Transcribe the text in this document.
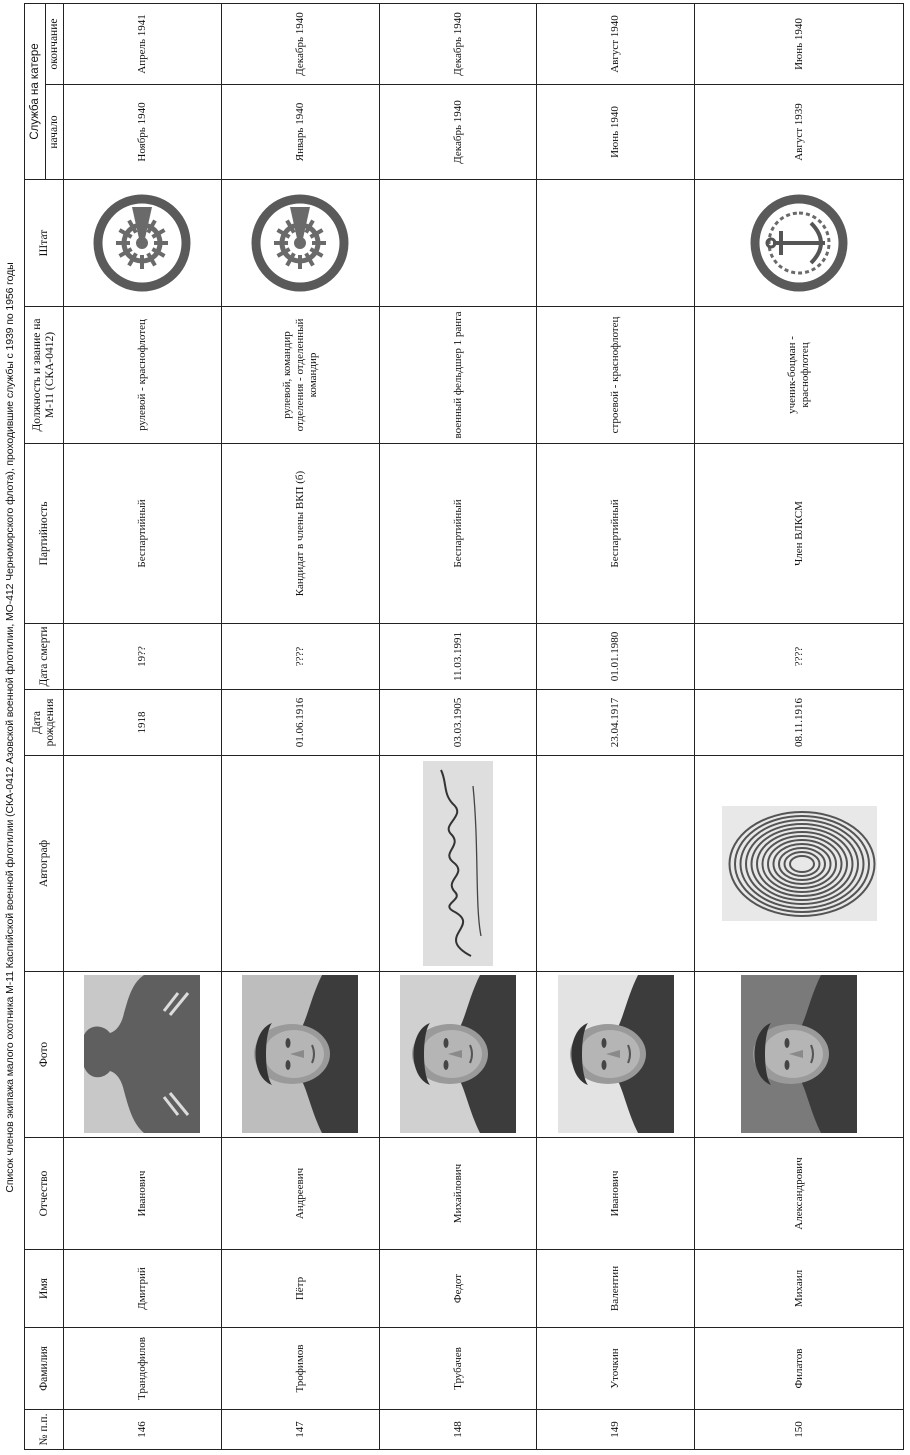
Список членов экипажа малого охотника М-11 Каспийской военной флотилии (СКА-0412 Азовской военной флотилии, МО-412 Черноморского флота), проходившие службы с 1939 по 1956 годы
№ п.п.	Фамилия	Имя	Отчество	Фото	Автограф	Дата рождения	Дата смерти	Партийность	Должность и звание на М-11 (СКА-0412)	Штат	Служба на катере	
											начало	окончание
146	Трандофилов	Дмитрий	Иванович			1918	19??	Беспартийный	рулевой - краснофлотец		Ноябрь 1940	Апрель 1941
147	Трофимов	Пётр	Андреевич			01.06.1916	????	Кандидат в члены ВКП (б)	рулевой, командир отделения - отделенный командир		Январь 1940	Декабрь 1940
148	Трубачев	Федот	Михайлович			03.03.1905	11.03.1991	Беспартийный	военный фельдшер 1 ранга		Декабрь 1940	Декабрь 1940
149	Уточкин	Валентин	Иванович			23.04.1917	01.01.1980	Беспартийный	строевой - краснофлотец		Июнь 1940	Август 1940
150	Филатов	Михаил	Александрович			08.11.1916	????	Член ВЛКСМ	ученик-боцман - краснофлотец		Август 1939	Июнь 1940
